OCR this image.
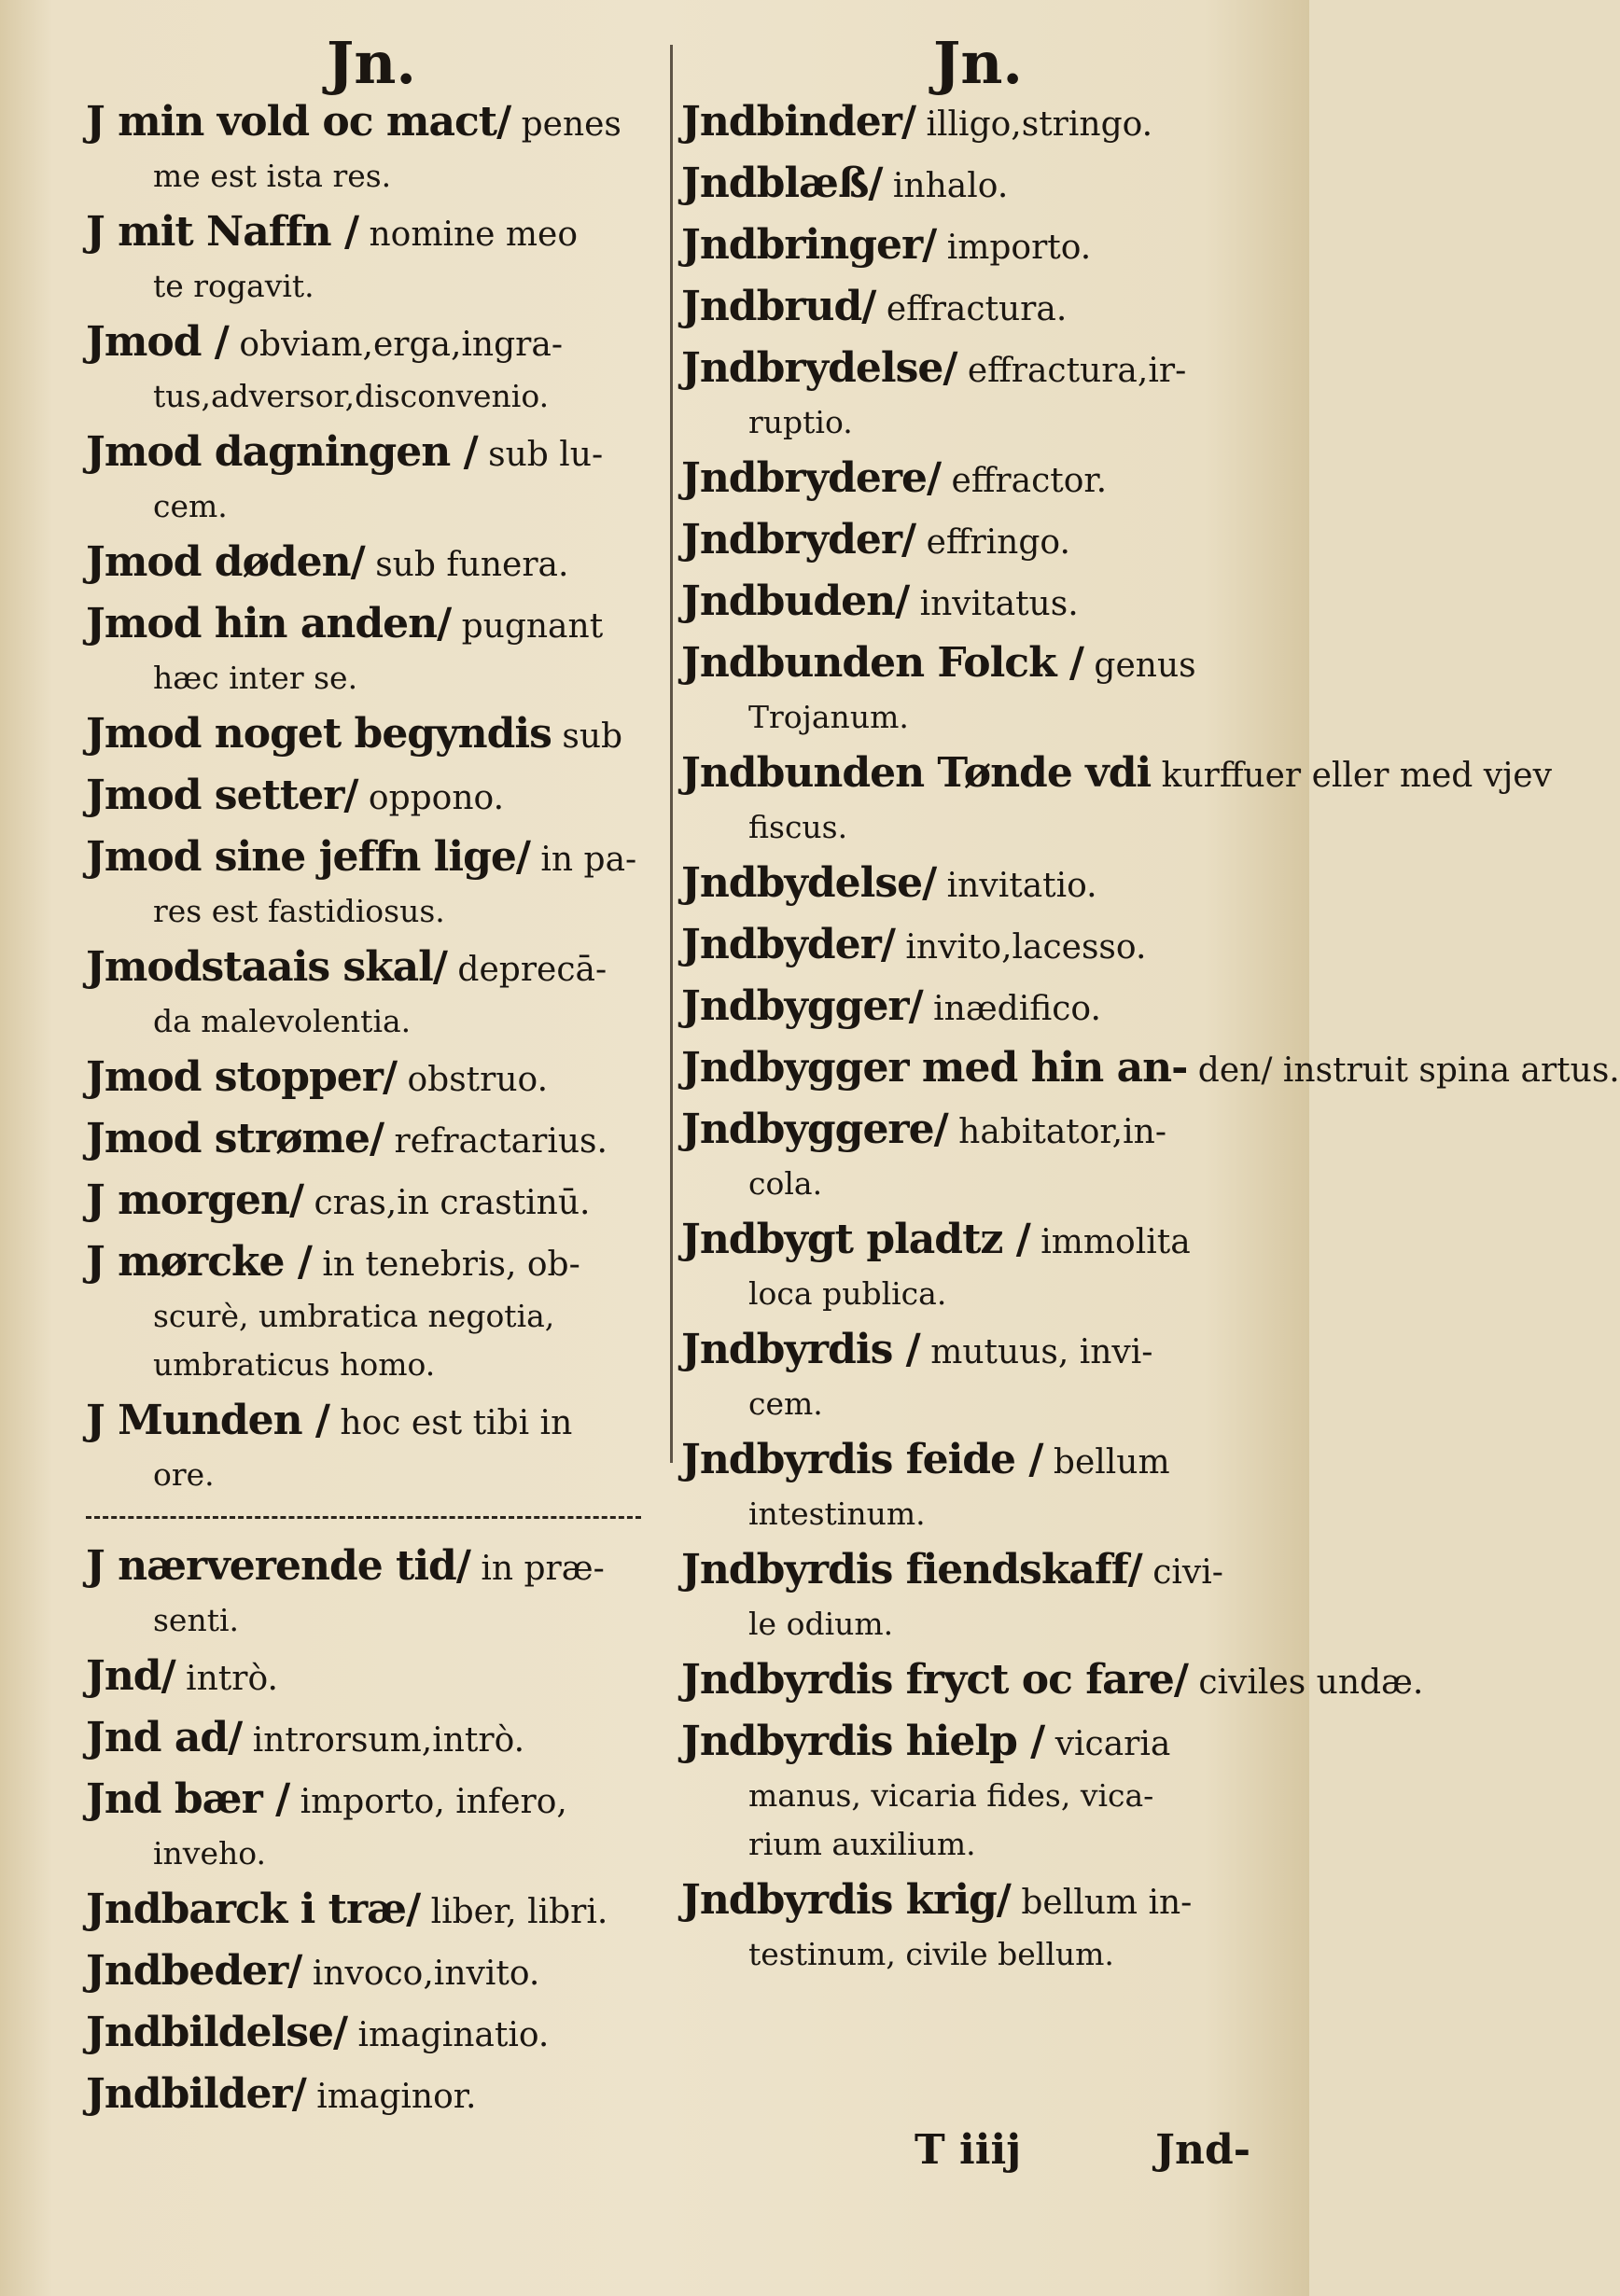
Jn.	Jn.
J min vold oc mact/ penes
me est ista res.
J mit Naffn / nomine meo
te rogavit.
Jmod / obviam,erga,ingra-
tus,adversor,disconvenio.
Jmod dagningen / sub lu-
cem.
Jmod døden/ sub funera.
Jmod hin anden/ pugnant
hæc inter se.
Jmod noget begyndis sub
Jmod setter/ oppono.
Jmod sine jeffn lige/ in pa-
res est fastidiosus.
Jmodstaais skal/ deprecā-
da malevolentia.
Jmod stopper/ obstruo.
Jmod strøme/ refractarius.
J morgen/ cras,in crastinū.
J mørcke / in tenebris, ob-
scurè, umbratica negotia,
umbraticus homo.
J Munden / hoc est tibi in
ore.
J nærverende tid/ in præ-
senti.
Jnd/ intrò.
Jnd ad/ introrsum,intrò.
Jnd bær / importo, infero,
inveho.
Jndbarck i træ/ liber, libri.
Jndbeder/ invoco,invito.
Jndbildelse/ imaginatio.
Jndbilder/ imaginor.
Jndbinder/ illigo,stringo.
Jndblæß/ inhalo.
Jndbringer/ importo.
Jndbrud/ effractura.
Jndbrydelse/ effractura,ir-
ruptio.
Jndbrydere/ effractor.
Jndbryder/ effringo.
Jndbuden/ invitatus.
Jndbunden Folck / genus
Trojanum.
Jndbunden Tønde vdi kurffuer eller med vjev
fiscus.
Jndbydelse/ invitatio.
Jndbyder/ invito,lacesso.
Jndbygger/ inædifico.
Jndbygger med hin an- den/ instruit spina artus.
Jndbyggere/ habitator,in-
cola.
Jndbygt pladtz / immolita
loca publica.
Jndbyrdis / mutuus, invi-
cem.
Jndbyrdis feide / bellum
intestinum.
Jndbyrdis fiendskaff/ civi-
le odium.
Jndbyrdis fryct oc fare/ civiles undæ.
Jndbyrdis hielp / vicaria
manus, vicaria fides, vica-
rium auxilium.
Jndbyrdis krig/ bellum in-
testinum, civile bellum.
T iiij	Jnd-
